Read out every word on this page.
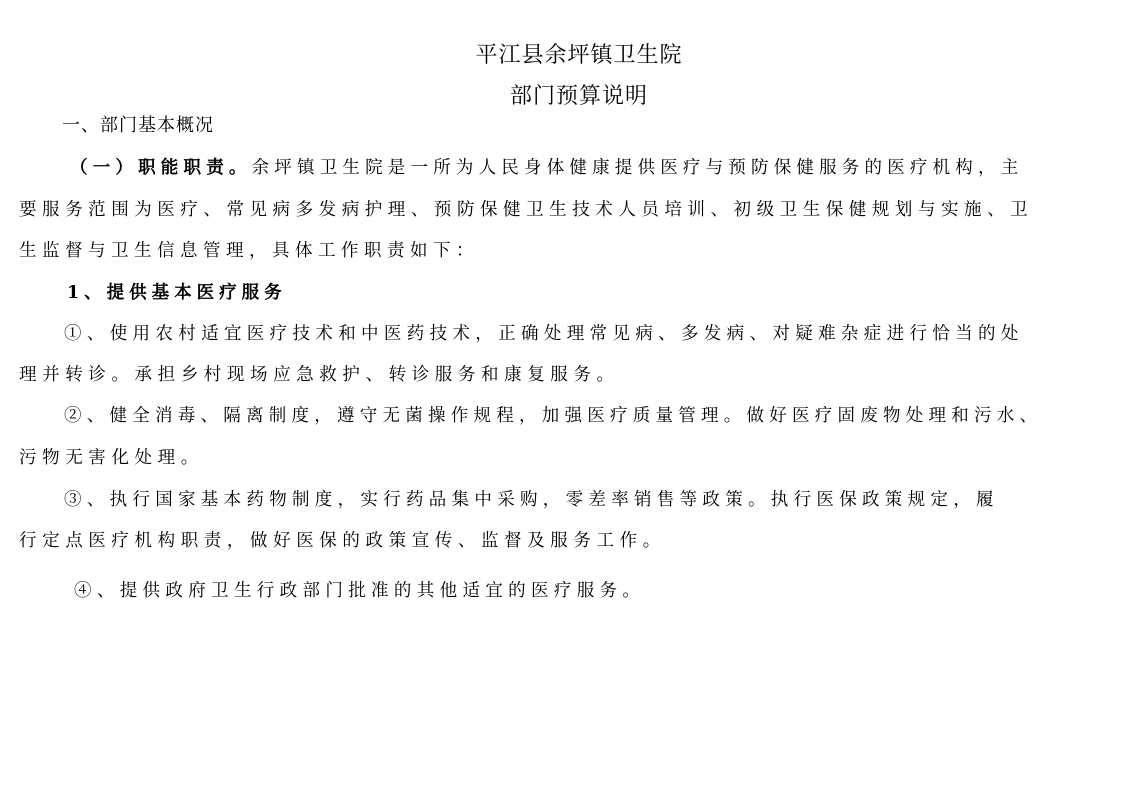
平江县余坪镇卫生院
部门预算说明
一、部门基本概况
（一）职能职责。余坪镇卫生院是一所为人民身体健康提供医疗与预防保健服务的医疗机构，主
要服务范围为医疗、常见病多发病护理、预防保健卫生技术人员培训、初级卫生保健规划与实施、卫
生监督与卫生信息管理，具体工作职责如下：
1、提供基本医疗服务
①、使用农村适宜医疗技术和中医药技术，正确处理常见病、多发病、对疑难杂症进行恰当的处
理并转诊。承担乡村现场应急救护、转诊服务和康复服务。
②、健全消毒、隔离制度，遵守无菌操作规程，加强医疗质量管理。做好医疗固废物处理和污水、
污物无害化处理。
③、执行国家基本药物制度，实行药品集中采购，零差率销售等政策。执行医保政策规定，履
行定点医疗机构职责，做好医保的政策宣传、监督及服务工作。
④、提供政府卫生行政部门批准的其他适宜的医疗服务。
